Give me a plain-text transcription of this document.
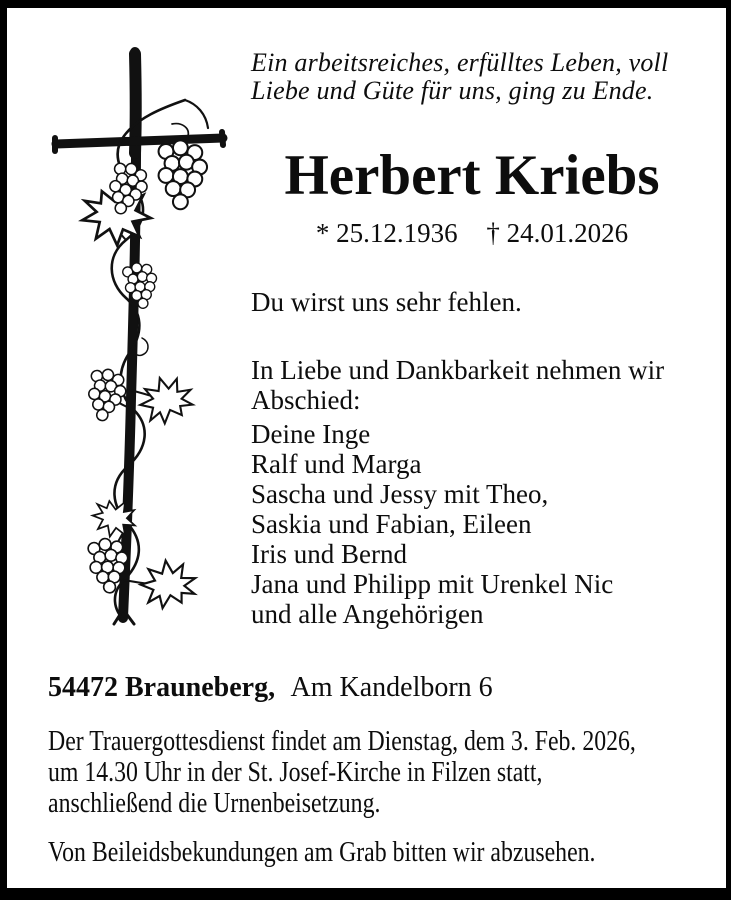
Ein arbeitsreiches, erfülltes Leben, voll
Liebe und Güte für uns, ging zu Ende.
Herbert Kriebs
* 25.12.1936 † 24.01.2026
Du wirst uns sehr fehlen.
In Liebe und Dankbarkeit nehmen wir
Abschied:
Deine Inge
Ralf und Marga
Sascha und Jessy mit Theo,
Saskia und Fabian, Eileen
Iris und Bernd
Jana und Philipp mit Urenkel Nic
und alle Angehörigen
54472 Brauneberg, Am Kandelborn 6
Der Trauergottesdienst findet am Dienstag, dem 3. Feb. 2026,
um 14.30 Uhr in der St. Josef-Kirche in Filzen statt,
anschließend die Urnenbeisetzung.
Von Beileidsbekundungen am Grab bitten wir abzusehen.
